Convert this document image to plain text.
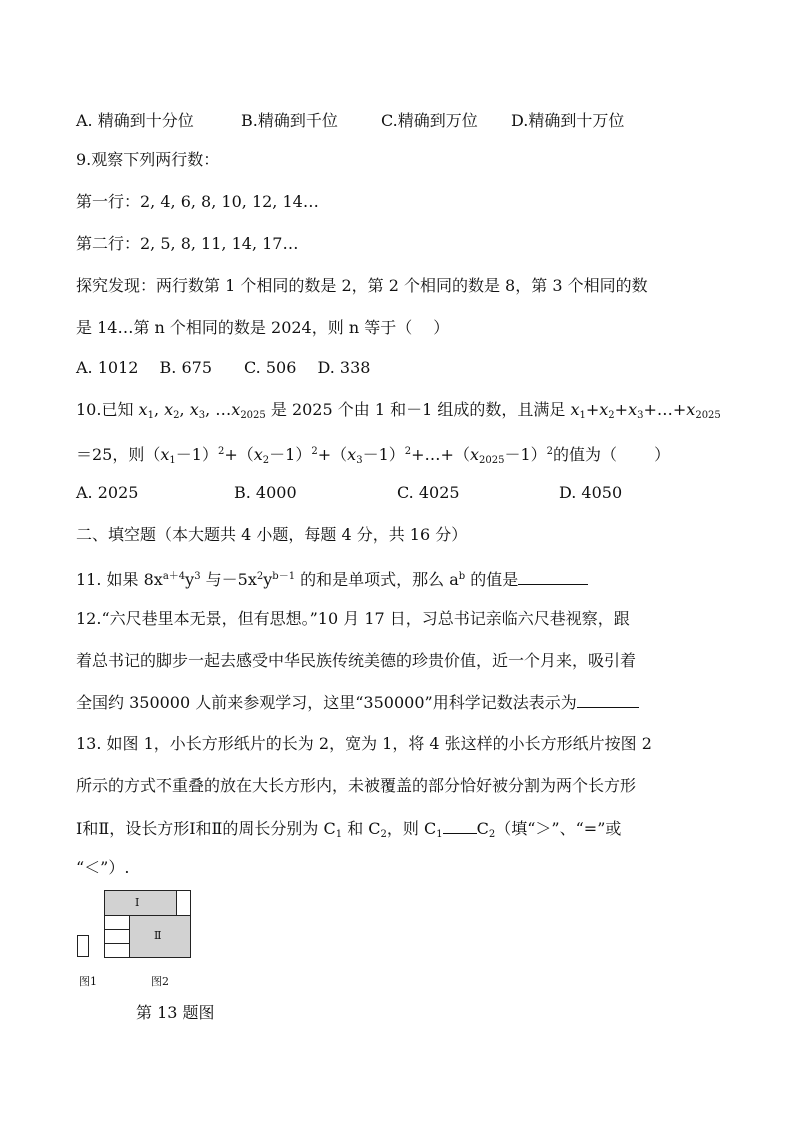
A. 精确到十分位	B.精确到千位	C.精确到万位 D.精确到十万位
9.观察下列两行数：
第一行：2, 4, 6, 8, 10, 12, 14…
第二行：2, 5, 8, 11, 14, 17…
探究发现：两行数第 1 个相同的数是 2，第 2 个相同的数是 8，第 3 个相同的数
是 14…第 n 个相同的数是 2024，则 n 等于（　 ）
A. 1012　 B. 675　　C. 506　 D. 338
10.已知 $x_1$, $x_2$, $x_3$, $\dots x_{2025}$ 是 2025 个由 1 和－1 组成的数，且满足 $x_1+x_2+x_3+\dots+x_{2025}$
＝25，则$(x_1-1)^2+(x_2-1)^2+(x_3-1)^2+\dots+(x_{2025}-1)^2$的值为（　　 ）
A. 2025	B. 4000	C. 4025	D. 4050
二、填空题（本大题共 4 小题，每题 4 分，共 16 分）
11. 如果 $8x^{a+4}y^3$ 与$-5x^2y^{b-1}$ 的和是单项式，那么 $a^b$ 的值是
12.“六尺巷里本无景，但有思想。”10 月 17 日，习总书记亲临六尺巷视察，跟
着总书记的脚步一起去感受中华民族传统美德的珍贵价值，近一个月来，吸引着
全国约 350000 人前来参观学习，这里“350000”用科学记数法表示为
13. 如图 1，小长方形纸片的长为 2，宽为 1，将 4 张这样的小长方形纸片按图 2
所示的方式不重叠的放在大长方形内，未被覆盖的部分恰好被分割为两个长方形
Ⅰ和Ⅱ，设长方形Ⅰ和Ⅱ的周长分别为 $C_1$ 和 $C_2$，则 $C_1$ $C_2$（填“＞”、“=”或
“＜”）.
Ⅰ
Ⅱ
图1	图2
第 13 题图
